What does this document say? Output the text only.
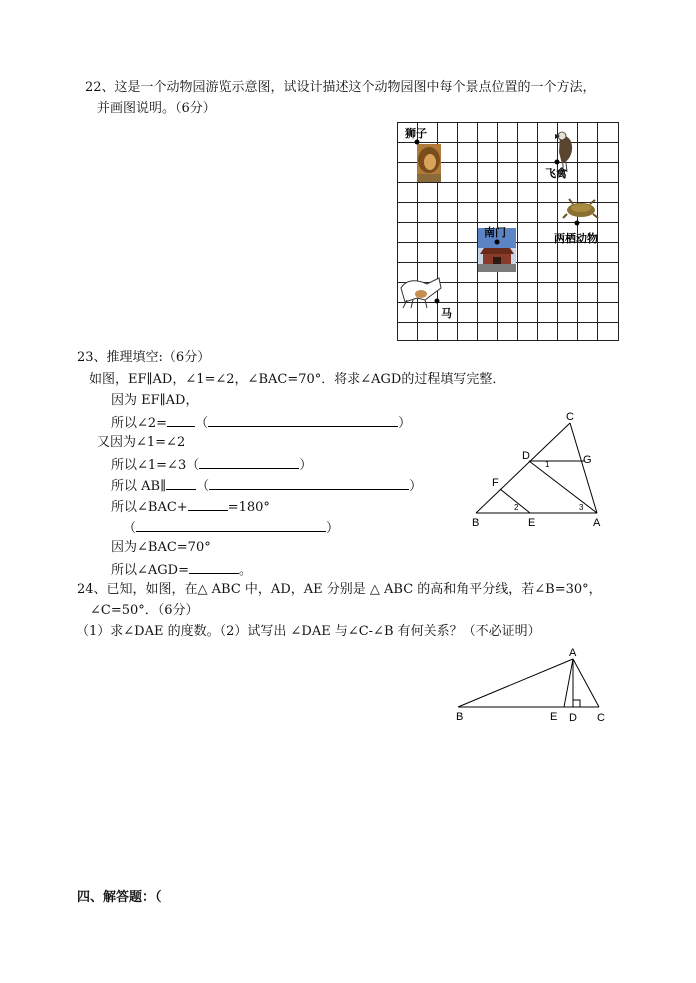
22、这是一个动物园游览示意图，试设计描述这个动物园图中每个景点位置的一个方法，
并画图说明。（6分）
狮子
飞禽
两栖动物
南门
马
23、推理填空:（6分）
如图，EF∥AD，∠1=∠2，∠BAC=70°．将求∠AGD的过程填写完整．
因为 EF∥AD，
所以∠2= （	）
又因为∠1=∠2
所以∠1=∠3（	）
所以 AB∥ （	）
所以∠BAC+	=180°
（	）
因为∠BAC=70°
所以∠AGD=	。
C
D	G
F
B	E	A
1
2	3
24、已知，如图，在△ ABC 中，AD，AE 分别是 △ ABC 的高和角平分线，若∠B=30°，
∠C=50°．（6分）
（1）求∠DAE 的度数。（2）试写出 ∠DAE 与∠C-∠B 有何关系？（不必证明）
A
B	E D C
四、解答题：（
